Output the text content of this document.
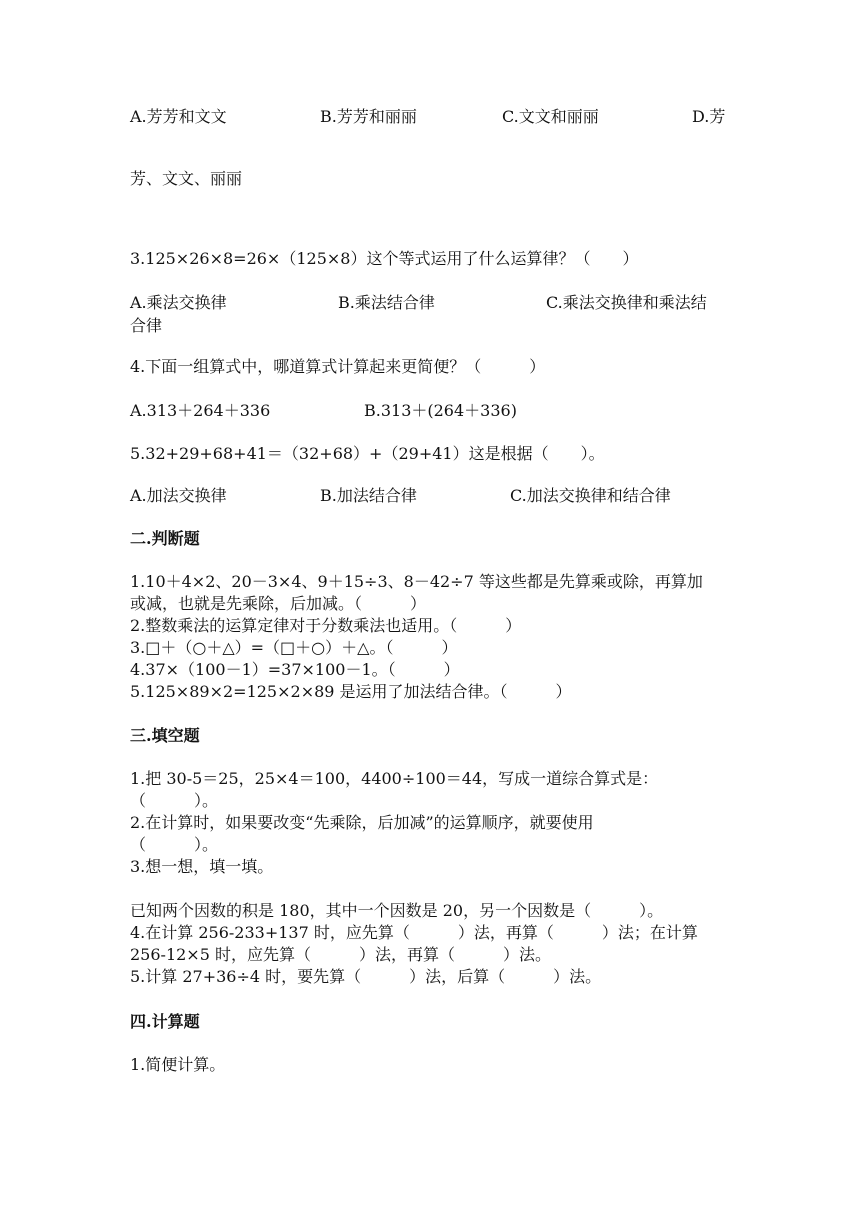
A.芳芳和文文	B.芳芳和丽丽	C.文文和丽丽	D.芳
芳、文文、丽丽
3.125×26×8=26×（125×8）这个等式运用了什么运算律？（　　）
A.乘法交换律	B.乘法结合律	C.乘法交换律和乘法结
合律
4.下面一组算式中，哪道算式计算起来更简便？（　　　）
A.313＋264＋336	B.313＋(264＋336)
5.32+29+68+41＝（32+68）+（29+41）这是根据（　　）。
A.加法交换律	B.加法结合律	C.加法交换律和结合律
二.判断题
1.10＋4×2、20－3×4、9＋15÷3、8－42÷7 等这些都是先算乘或除，再算加
或减，也就是先乘除，后加减。（　　　）
2.整数乘法的运算定律对于分数乘法也适用。（　　　）
3.□＋（○＋△）=（□＋○）＋△。（　　　）
4.37×（100－1）=37×100－1。（　　　）
5.125×89×2=125×2×89 是运用了加法结合律。（　　　）
三.填空题
1.把 30-5＝25，25×4＝100，4400÷100＝44，写成一道综合算式是：
（　　　）。
2.在计算时，如果要改变“先乘除，后加减”的运算顺序，就要使用
（　　　）。
3.想一想，填一填。
已知两个因数的积是 180，其中一个因数是 20，另一个因数是（　　　）。
4.在计算 256-233+137 时，应先算（　　　）法，再算（　　　）法；在计算
256-12×5 时，应先算（　　　）法，再算（　　　）法。
5.计算 27+36÷4 时，要先算（　　　）法，后算（　　　）法。
四.计算题
1.简便计算。
